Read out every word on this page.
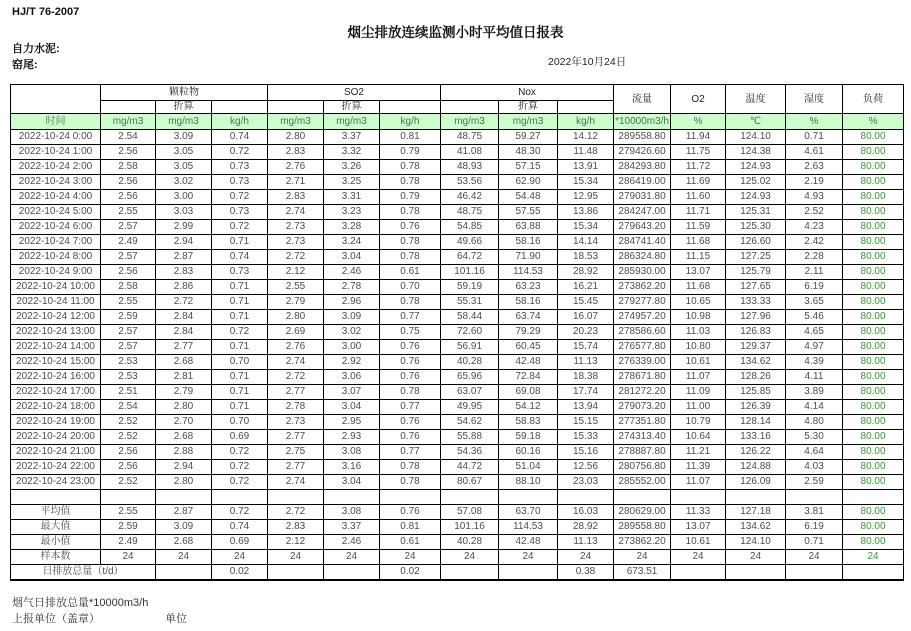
HJ/T 76-2007
烟尘排放连续监测小时平均值日报表
自力水泥:
窑尾:	2022年10月24日
	颗粒物			SO2			Nox			流量	O2	温度	湿度	负荷
		折算			折算			折算						
时间	mg/m3	mg/m3	kg/h	mg/m3	mg/m3	kg/h	mg/m3	mg/m3	kg/h	*10000m3/h	%	℃	%	%
2022-10-24 0:00	2.54	3.09	0.74	2.80	3.37	0.81	48.75	59.27	14.12	289558.80	11.94	124.10	0.71	80.00
2022-10-24 1:00	2.56	3.05	0.72	2.83	3.32	0.79	41.08	48.30	11.48	279426.60	11.75	124.38	4.61	80.00
2022-10-24 2:00	2.58	3.05	0.73	2.76	3.26	0.78	48.93	57.15	13.91	284293.80	11.72	124.93	2.63	80.00
2022-10-24 3:00	2.56	3.02	0.73	2.71	3.25	0.78	53.56	62.90	15.34	286419.00	11.69	125.02	2.19	80.00
2022-10-24 4:00	2.56	3.00	0.72	2.83	3.31	0.79	46.42	54.48	12.95	279031.80	11.60	124.93	4.93	80.00
2022-10-24 5:00	2.55	3.03	0.73	2.74	3.23	0.78	48.75	57.55	13.86	284247.00	11.71	125.31	2.52	80.00
2022-10-24 6:00	2.57	2.99	0.72	2.73	3.28	0.76	54.85	63.88	15.34	279643.20	11.59	125.30	4.23	80.00
2022-10-24 7:00	2.49	2.94	0.71	2.73	3.24	0.78	49.66	58.16	14.14	284741.40	11.68	126.60	2.42	80.00
2022-10-24 8:00	2.57	2.87	0.74	2.72	3.04	0.78	64.72	71.90	18.53	286324.80	11.15	127.25	2.28	80.00
2022-10-24 9:00	2.56	2.83	0.73	2.12	2.46	0.61	101.16	114.53	28.92	285930.00	13.07	125.79	2.11	80.00
2022-10-24 10:00	2.58	2.86	0.71	2.55	2.78	0.70	59.19	63.23	16.21	273862.20	11.68	127.65	6.19	80.00
2022-10-24 11:00	2.55	2.72	0.71	2.79	2.96	0.78	55.31	58.16	15.45	279277.80	10.65	133.33	3.65	80.00
2022-10-24 12:00	2.59	2.84	0.71	2.80	3.09	0.77	58.44	63.74	16.07	274957.20	10.98	127.96	5.46	80.00
2022-10-24 13:00	2.57	2.84	0.72	2.69	3.02	0.75	72.60	79.29	20.23	278586.60	11.03	126.83	4.65	80.00
2022-10-24 14:00	2.57	2.77	0.71	2.76	3.00	0.76	56.91	60.45	15.74	276577.80	10.80	129.37	4.97	80.00
2022-10-24 15:00	2.53	2.68	0.70	2.74	2.92	0.76	40.28	42.48	11.13	276339.00	10.61	134.62	4.39	80.00
2022-10-24 16:00	2.53	2.81	0.71	2.72	3.06	0.76	65.96	72.84	18.38	278671.80	11.07	128.26	4.11	80.00
2022-10-24 17:00	2.51	2.79	0.71	2.77	3.07	0.78	63.07	69.08	17.74	281272.20	11.09	125.85	3.89	80.00
2022-10-24 18:00	2.54	2.80	0.71	2.78	3.04	0.77	49.95	54.12	13.94	279073.20	11.00	126.39	4.14	80.00
2022-10-24 19:00	2.52	2.70	0.70	2.73	2.95	0.76	54.62	58.83	15.15	277351.80	10.79	128.14	4.80	80.00
2022-10-24 20:00	2.52	2.68	0.69	2.77	2.93	0.76	55.88	59.18	15.33	274313.40	10.64	133.16	5.30	80.00
2022-10-24 21:00	2.56	2.88	0.72	2.75	3.08	0.77	54.36	60.16	15.16	278887.80	11.21	126.22	4.64	80.00
2022-10-24 22:00	2.56	2.94	0.72	2.77	3.16	0.78	44.72	51.04	12.56	280756.80	11.39	124.88	4.03	80.00
2022-10-24 23:00	2.52	2.80	0.72	2.74	3.04	0.78	80.67	88.10	23.03	285552.00	11.07	126.09	2.59	80.00

平均值	2.55	2.87	0.72	2.72	3.08	0.76	57.08	63.70	16.03	280629.00	11.33	127.18	3.81	80.00
最大值	2.59	3.09	0.74	2.83	3.37	0.81	101.16	114.53	28.92	289558.80	13.07	134.62	6.19	80.00
最小值	2.49	2.68	0.69	2.12	2.46	0.61	40.28	42.48	11.13	273862.20	10.61	124.10	0.71	80.00
样本数	24	24	24	24	24	24	24	24	24	24	24	24	24	24
日排放总量（t/d）			0.02			0.02			0.38	673.51				
烟气日排放总量*10000m3/h
上报单位（盖章）	单位
